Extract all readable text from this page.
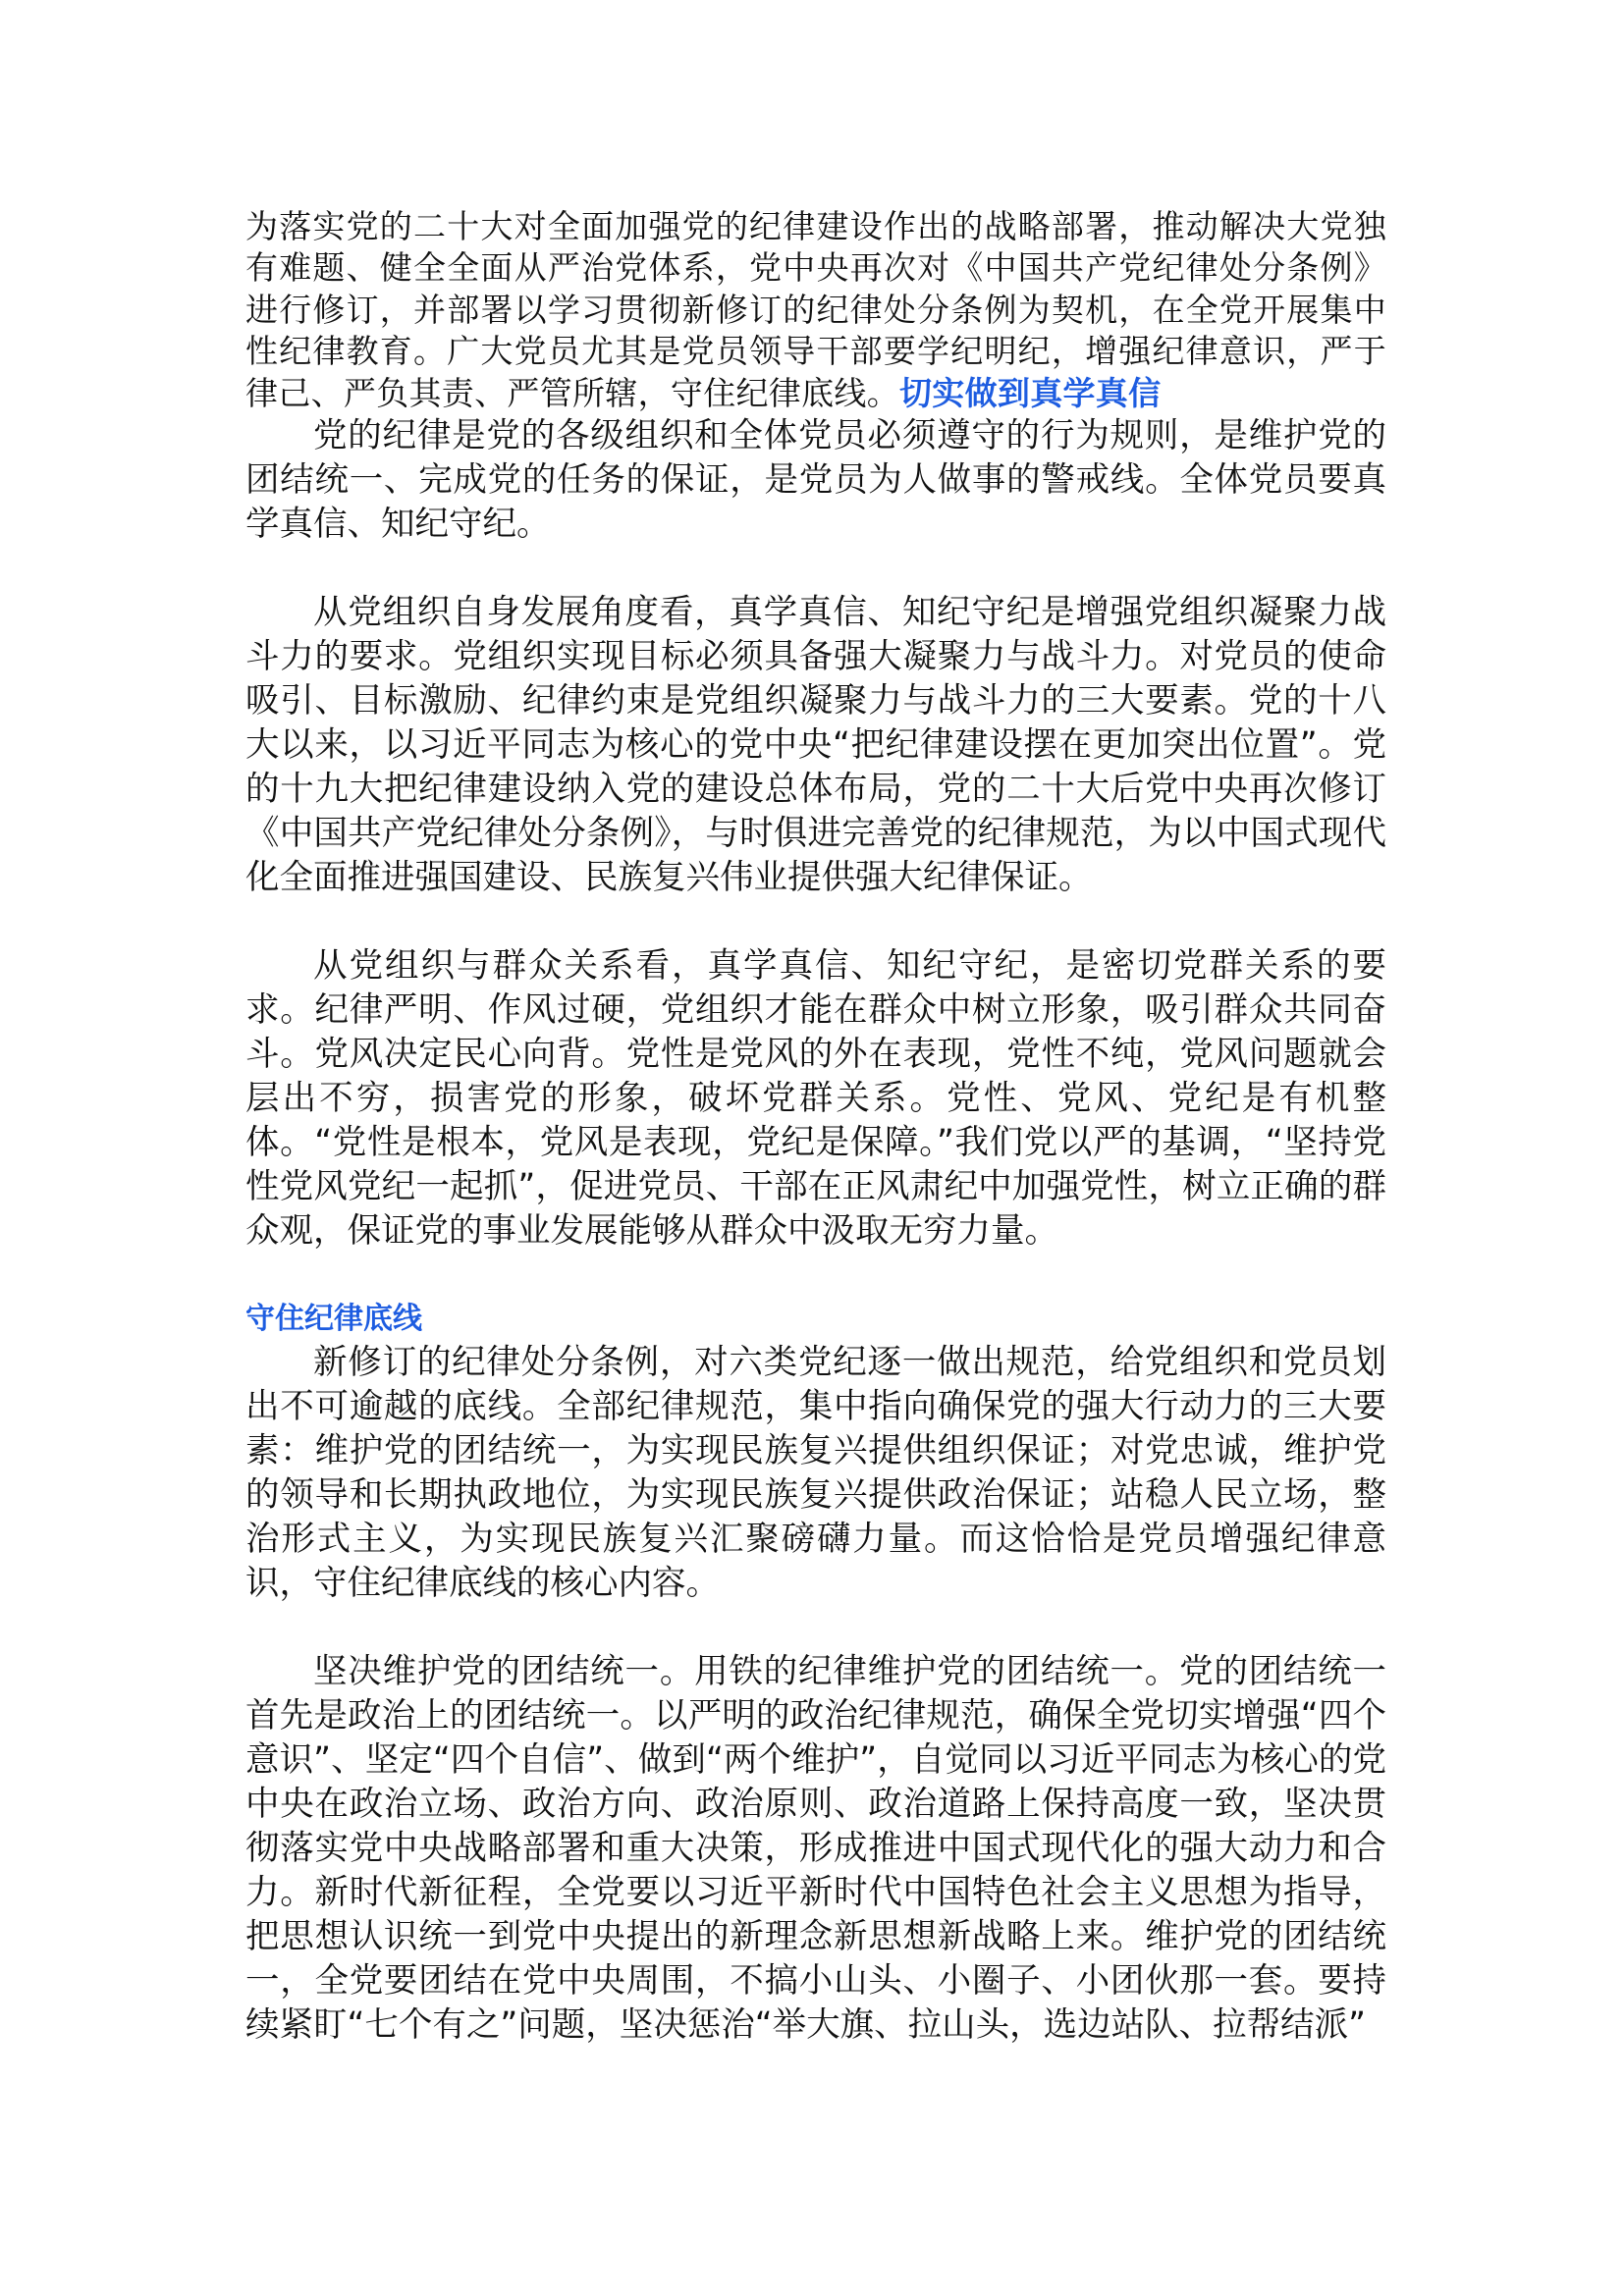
为落实党的二十大对全面加强党的纪律建设作出的战略部署，推动解决大党独有难题、健全全面从严治党体系，党中央再次对《中国共产党纪律处分条例》进行修订，并部署以学习贯彻新修订的纪律处分条例为契机，在全党开展集中性纪律教育。广大党员尤其是党员领导干部要学纪明纪，增强纪律意识，严于律己、严负其责、严管所辖，守住纪律底线。切实做到真学真信

党的纪律是党的各级组织和全体党员必须遵守的行为规则，是维护党的团结统一、完成党的任务的保证，是党员为人做事的警戒线。全体党员要真学真信、知纪守纪。

从党组织自身发展角度看，真学真信、知纪守纪是增强党组织凝聚力战斗力的要求。党组织实现目标必须具备强大凝聚力与战斗力。对党员的使命吸引、目标激励、纪律约束是党组织凝聚力与战斗力的三大要素。党的十八大以来，以习近平同志为核心的党中央“把纪律建设摆在更加突出位置”。党的十九大把纪律建设纳入党的建设总体布局，党的二十大后党中央再次修订《中国共产党纪律处分条例》，与时俱进完善党的纪律规范，为以中国式现代化全面推进强国建设、民族复兴伟业提供强大纪律保证。

从党组织与群众关系看，真学真信、知纪守纪，是密切党群关系的要求。纪律严明、作风过硬，党组织才能在群众中树立形象，吸引群众共同奋斗。党风决定民心向背。党性是党风的外在表现，党性不纯，党风问题就会层出不穷，损害党的形象，破坏党群关系。党性、党风、党纪是有机整体。“党性是根本，党风是表现，党纪是保障。”我们党以严的基调，“坚持党性党风党纪一起抓”，促进党员、干部在正风肃纪中加强党性，树立正确的群众观，保证党的事业发展能够从群众中汲取无穷力量。

守住纪律底线

新修订的纪律处分条例，对六类党纪逐一做出规范，给党组织和党员划出不可逾越的底线。全部纪律规范，集中指向确保党的强大行动力的三大要素：维护党的团结统一，为实现民族复兴提供组织保证；对党忠诚，维护党的领导和长期执政地位，为实现民族复兴提供政治保证；站稳人民立场，整治形式主义，为实现民族复兴汇聚磅礴力量。而这恰恰是党员增强纪律意识，守住纪律底线的核心内容。

坚决维护党的团结统一。用铁的纪律维护党的团结统一。党的团结统一首先是政治上的团结统一。以严明的政治纪律规范，确保全党切实增强“四个意识”、坚定“四个自信”、做到“两个维护”，自觉同以习近平同志为核心的党中央在政治立场、政治方向、政治原则、政治道路上保持高度一致，坚决贯彻落实党中央战略部署和重大决策，形成推进中国式现代化的强大动力和合力。新时代新征程，全党要以习近平新时代中国特色社会主义思想为指导，把思想认识统一到党中央提出的新理念新思想新战略上来。维护党的团结统一，全党要团结在党中央周围，不搞小山头、小圈子、小团伙那一套。要持续紧盯“七个有之”问题，坚决惩治“举大旗、拉山头，选边站队、拉帮结派”
